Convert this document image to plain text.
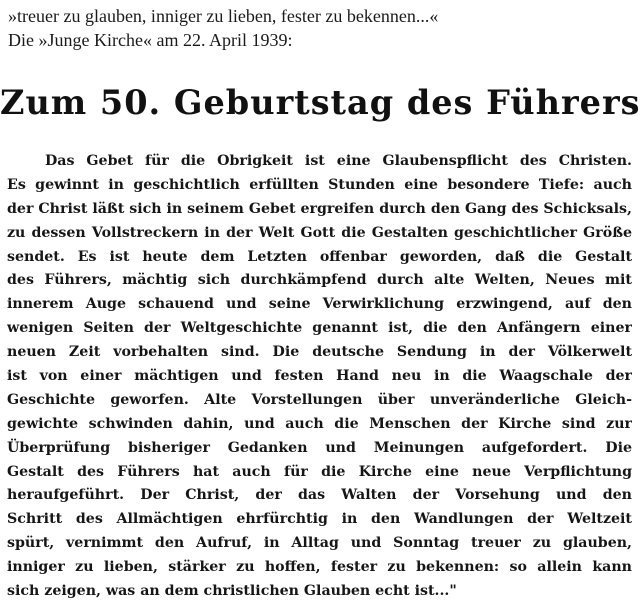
»treuer zu glauben, inniger zu lieben, fester zu bekennen...«
Die »Junge Kirche« am 22. April 1939:
Zum 50. Geburtstag des Führers
Das Gebet für die Obrigkeit ist eine Glaubenspflicht des Christen.
Es gewinnt in geschichtlich erfüllten Stunden eine besondere Tiefe: auch
der Christ läßt sich in seinem Gebet ergreifen durch den Gang des Schicksals,
zu dessen Vollstreckern in der Welt Gott die Gestalten geschichtlicher Größe
sendet. Es ist heute dem Letzten offenbar geworden, daß die Gestalt
des Führers, mächtig sich durchkämpfend durch alte Welten, Neues mit
innerem Auge schauend und seine Verwirklichung erzwingend, auf den
wenigen Seiten der Weltgeschichte genannt ist, die den Anfängern einer
neuen Zeit vorbehalten sind. Die deutsche Sendung in der Völkerwelt
ist von einer mächtigen und festen Hand neu in die Waagschale der
Geschichte geworfen. Alte Vorstellungen über unveränderliche Gleich-
gewichte schwinden dahin, und auch die Menschen der Kirche sind zur
Überprüfung bisheriger Gedanken und Meinungen aufgefordert. Die
Gestalt des Führers hat auch für die Kirche eine neue Verpflichtung
heraufgeführt. Der Christ, der das Walten der Vorsehung und den
Schritt des Allmächtigen ehrfürchtig in den Wandlungen der Weltzeit
spürt, vernimmt den Aufruf, in Alltag und Sonntag treuer zu glauben,
inniger zu lieben, stärker zu hoffen, fester zu bekennen: so allein kann
sich zeigen, was an dem christlichen Glauben echt ist..."
